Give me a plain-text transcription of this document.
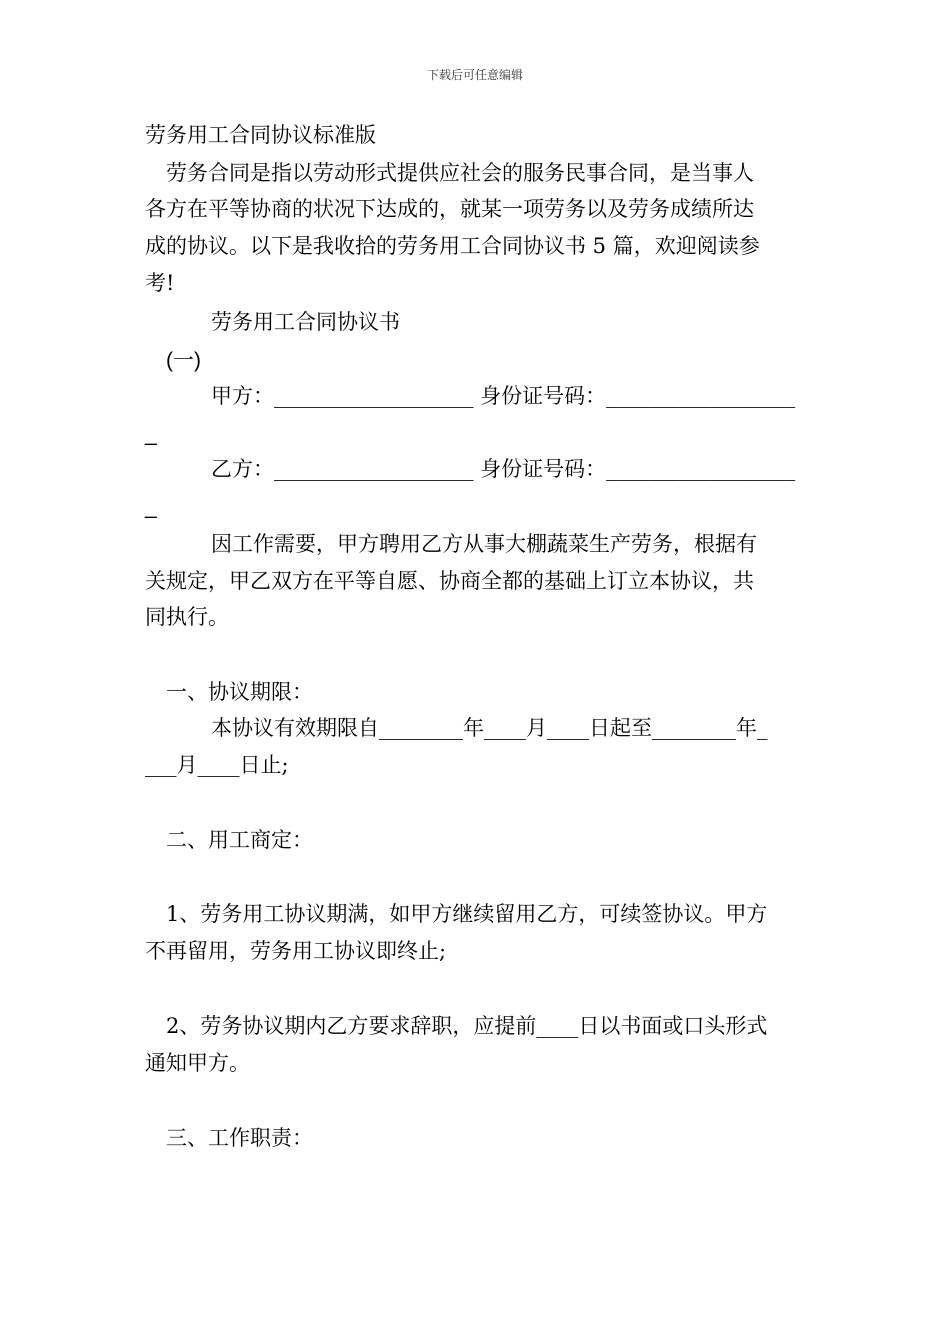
下载后可任意编辑
劳务用工合同协议标准版
劳务合同是指以劳动形式提供应社会的服务民事合同，是当事人
各方在平等协商的状况下达成的，就某一项劳务以及劳务成绩所达
成的协议。以下是我收拾的劳务用工合同协议书 5 篇，欢迎阅读参
考!
劳务用工合同协议书
(一)
甲方：___________________ 身份证号码：__________________
_
乙方：___________________ 身份证号码：__________________
_
因工作需要，甲方聘用乙方从事大棚蔬菜生产劳务，根据有
关规定，甲乙双方在平等自愿、协商全都的基础上订立本协议，共
同执行。
一、协议期限：
本协议有效期限自________年____月____日起至________年_
___月____日止;
二、用工商定：
1、劳务用工协议期满，如甲方继续留用乙方，可续签协议。甲方
不再留用，劳务用工协议即终止;
2、劳务协议期内乙方要求辞职，应提前____日以书面或口头形式
通知甲方。
三、工作职责：
